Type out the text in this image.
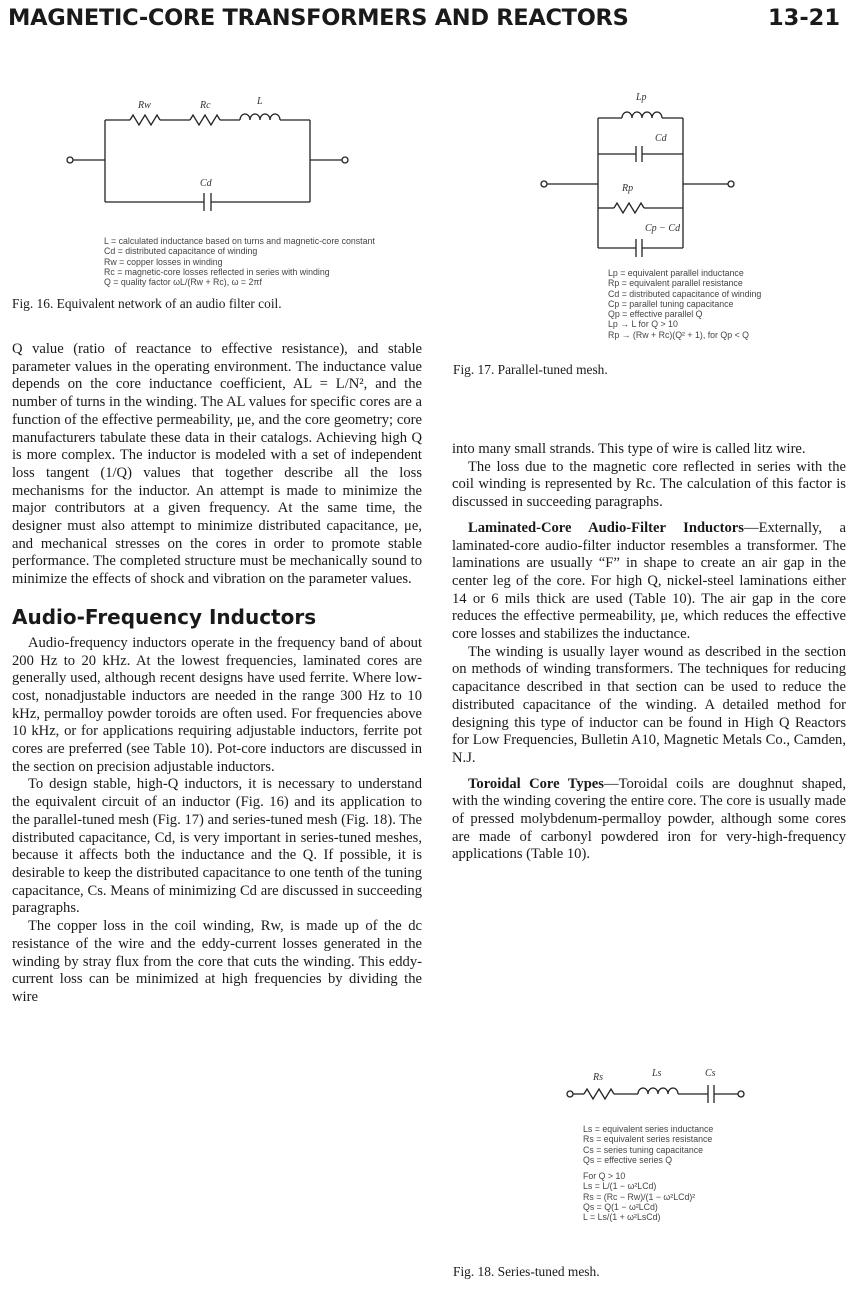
MAGNETIC-CORE TRANSFORMERS AND REACTORS	13-21
Rw	Rc	L
Cd
L = calculated inductance based on turns and magnetic-core constant
Cd = distributed capacitance of winding
Rw = copper losses in winding
Rc = magnetic-core losses reflected in series with winding
Q = quality factor ωL/(Rw + Rc), ω = 2πf
Fig. 16. Equivalent network of an audio filter coil.
Lp
Cd
Rp
Cp − Cd
Lp = equivalent parallel inductance
Rp = equivalent parallel resistance
Cd = distributed capacitance of winding
Cp = parallel tuning capacitance
Qp = effective parallel Q
Lp → L for Q > 10
Rp → (Rw + Rc)(Q² + 1), for Qp < Q
Fig. 17. Parallel-tuned mesh.

Q value (ratio of reactance to effective resistance), and stable parameter values in the operating environment. The inductance value depends on the core inductance coefficient, AL = L/N², and the number of turns in the winding. The AL values for specific cores are a function of the effective permeability, μe, and the core geometry; core manufacturers tabulate these data in their catalogs. Achieving high Q is more complex. The inductor is modeled with a set of independent loss tangent (1/Q) values that together describe all the loss mechanisms for the inductor. An attempt is made to minimize the major contributors at a given frequency. At the same time, the designer must also attempt to minimize distributed capacitance, μe, and mechanical stresses on the cores in order to promote stable performance. The completed structure must be mechanically sound to minimize the effects of shock and vibration on the parameter values.

Audio-Frequency Inductors

Audio-frequency inductors operate in the frequency band of about 200 Hz to 20 kHz. At the lowest frequencies, laminated cores are generally used, although recent designs have used ferrite. Where low-cost, nonadjustable inductors are needed in the range 300 Hz to 10 kHz, permalloy powder toroids are often used. For frequencies above 10 kHz, or for applications requiring adjustable inductors, ferrite pot cores are preferred (see Table 10). Pot-core inductors are discussed in the section on precision adjustable inductors.

To design stable, high-Q inductors, it is necessary to understand the equivalent circuit of an inductor (Fig. 16) and its application to the parallel-tuned mesh (Fig. 17) and series-tuned mesh (Fig. 18). The distributed capacitance, Cd, is very important in series-tuned meshes, because it affects both the inductance and the Q. If possible, it is desirable to keep the distributed capacitance to one tenth of the tuning capacitance, Cs. Means of minimizing Cd are discussed in succeeding paragraphs.

The copper loss in the coil winding, Rw, is made up of the dc resistance of the wire and the eddy-current losses generated in the winding by stray flux from the core that cuts the winding. This eddy-current loss can be minimized at high frequencies by dividing the wire

into many small strands. This type of wire is called litz wire.

The loss due to the magnetic core reflected in series with the coil winding is represented by Rc. The calculation of this factor is discussed in succeeding paragraphs.

Laminated-Core Audio-Filter Inductors—Externally, a laminated-core audio-filter inductor resembles a transformer. The laminations are usually “F” in shape to create an air gap in the center leg of the core. For high Q, nickel-steel laminations either 14 or 6 mils thick are used (Table 10). The air gap in the core reduces the effective permeability, μe, which reduces the effective core losses and stabilizes the inductance.

The winding is usually layer wound as described in the section on methods of winding transformers. The techniques for reducing capacitance described in that section can be used to reduce the distributed capacitance of the winding. A detailed method for designing this type of inductor can be found in High Q Reactors for Low Frequencies, Bulletin A10, Magnetic Metals Co., Camden, N.J.

Toroidal Core Types—Toroidal coils are doughnut shaped, with the winding covering the entire core. The core is usually made of pressed molybdenum-permalloy powder, although some cores are made of carbonyl powdered iron for very-high-frequency applications (Table 10).

Rs	Ls	Cs
Ls = equivalent series inductance
Rs = equivalent series resistance
Cs = series tuning capacitance
Qs = effective series Q
For Q > 10
Ls = L/(1 − ω²LCd)
Rs = (Rc − Rw)/(1 − ω²LCd)²
Qs = Q(1 − ω²LCd)
L = Ls/(1 + ω²LsCd)
Fig. 18. Series-tuned mesh.
